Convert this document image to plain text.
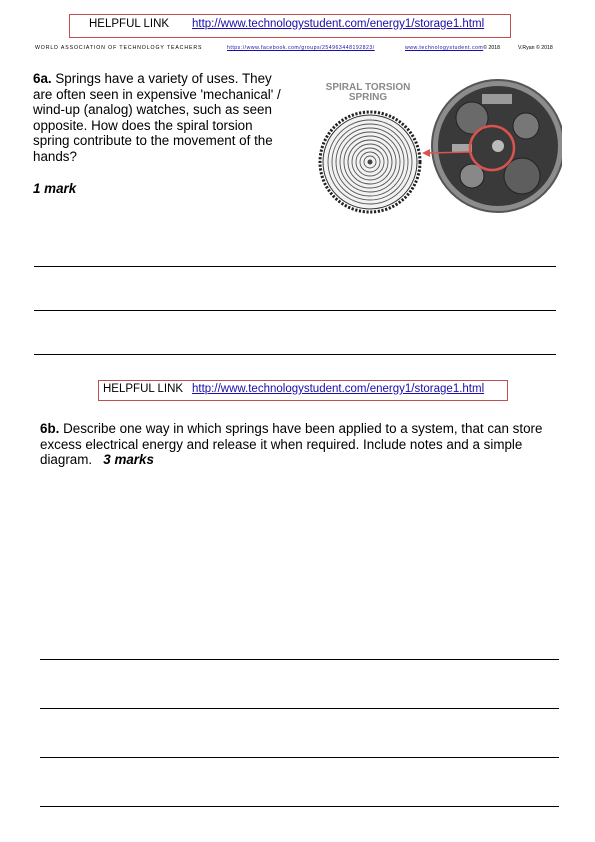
HELPFUL LINK http://www.technologystudent.com/energy1/storage1.html
WORLD ASSOCIATION OF TECHNOLOGY TEACHERS	https://www.facebook.com/groups/254963448192823/	www.technologystudent.com© 2018	V.Ryan © 2018
6a. Springs have a variety of uses. They are often seen in expensive 'mechanical' / wind-up (analog) watches, such as seen opposite. How does the spiral torsion spring contribute to the movement of the hands?
1 mark
SPIRAL TORSION
SPRING
HELPFUL LINK http://www.technologystudent.com/energy1/storage1.html
6b. Describe one way in which springs have been applied to a system, that can store excess electrical energy and release it when required. Include notes and a simple diagram. 3 marks
